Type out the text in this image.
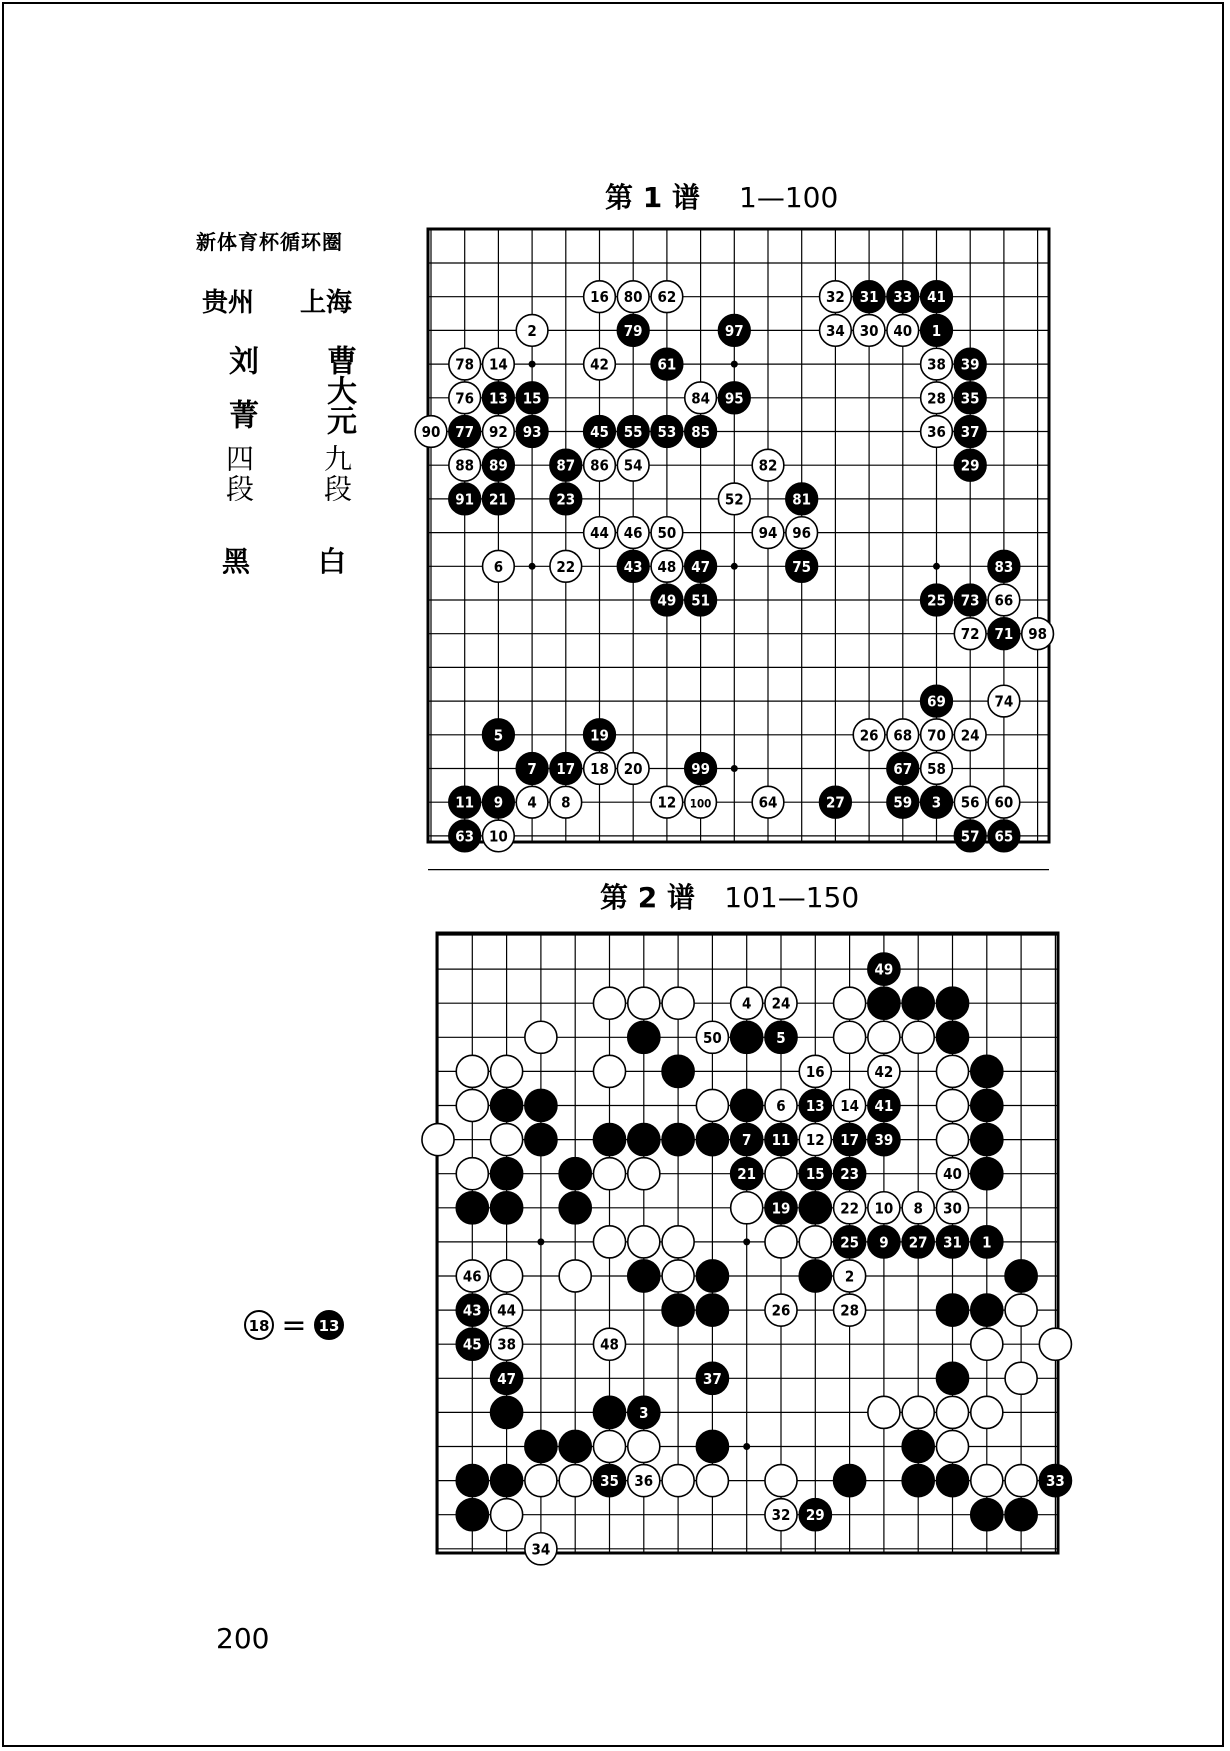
第 1 谱 1—100
第 2 谱 101—150
新体育杯循环圈
贵州 上海
刘菁 曹大元
四段 九段
黑 白
18 = 13
200
1
2
3
4
5
6
7
8
9
10
11	12
13
14
15
16
17 18
19
20
21
22
23
24
25
26
27
28
29
30
31
32	33
34
35
36 37
38 39
40
41
42
43
44
45
46
47
48
49
50
51
52
53
54
55
56
57
58
59	60
61
62
63
64
65
66
67
68
69
70
71
72
73
74
75
76
77
78
79
80
81
82
83
84
85
86
87
88 89
90
91
92 93
94
95
96
97
98
99
100
1
2
3
4
5
6
7
8
9
10
11 12
13 14
15
16
17
19
21
22
23
24
25
26
27
28
29
30
31
32
33
34
35 36
37
38
39
40
41
42
43 44
45
46
47
48
49
50
